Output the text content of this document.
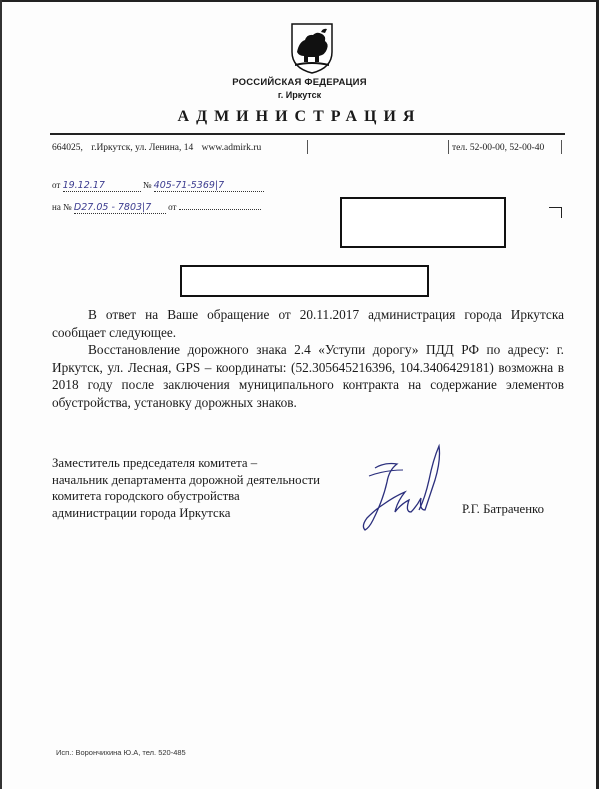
РОССИЙСКАЯ ФЕДЕРАЦИЯ
г. Иркутск
АДМИНИСТРАЦИЯ
664025, г.Иркутск, ул. Ленина, 14 www.admirk.ru	тел. 52-00-00, 52-00-40
от 19.12.17	№ 405-71-5369|7
на № D27.05 - 7803|7 от

В ответ на Ваше обращение от 20.11.2017 администрация города Иркутска сообщает следующее.

Восстановление дорожного знака 2.4 «Уступи дорогу» ПДД РФ по адресу: г. Иркутск, ул. Лесная, GPS – координаты: (52.305645216396, 104.3406429181) возможна в 2018 году после заключения муниципального контракта на содержание элементов обустройства, установку дорожных знаков.

Заместитель председателя комитета –
начальник департамента дорожной деятельности
комитета городского обустройства
администрации города Иркутска	Р.Г. Батраченко
Исп.: Ворончихина Ю.А, тел. 520-485
